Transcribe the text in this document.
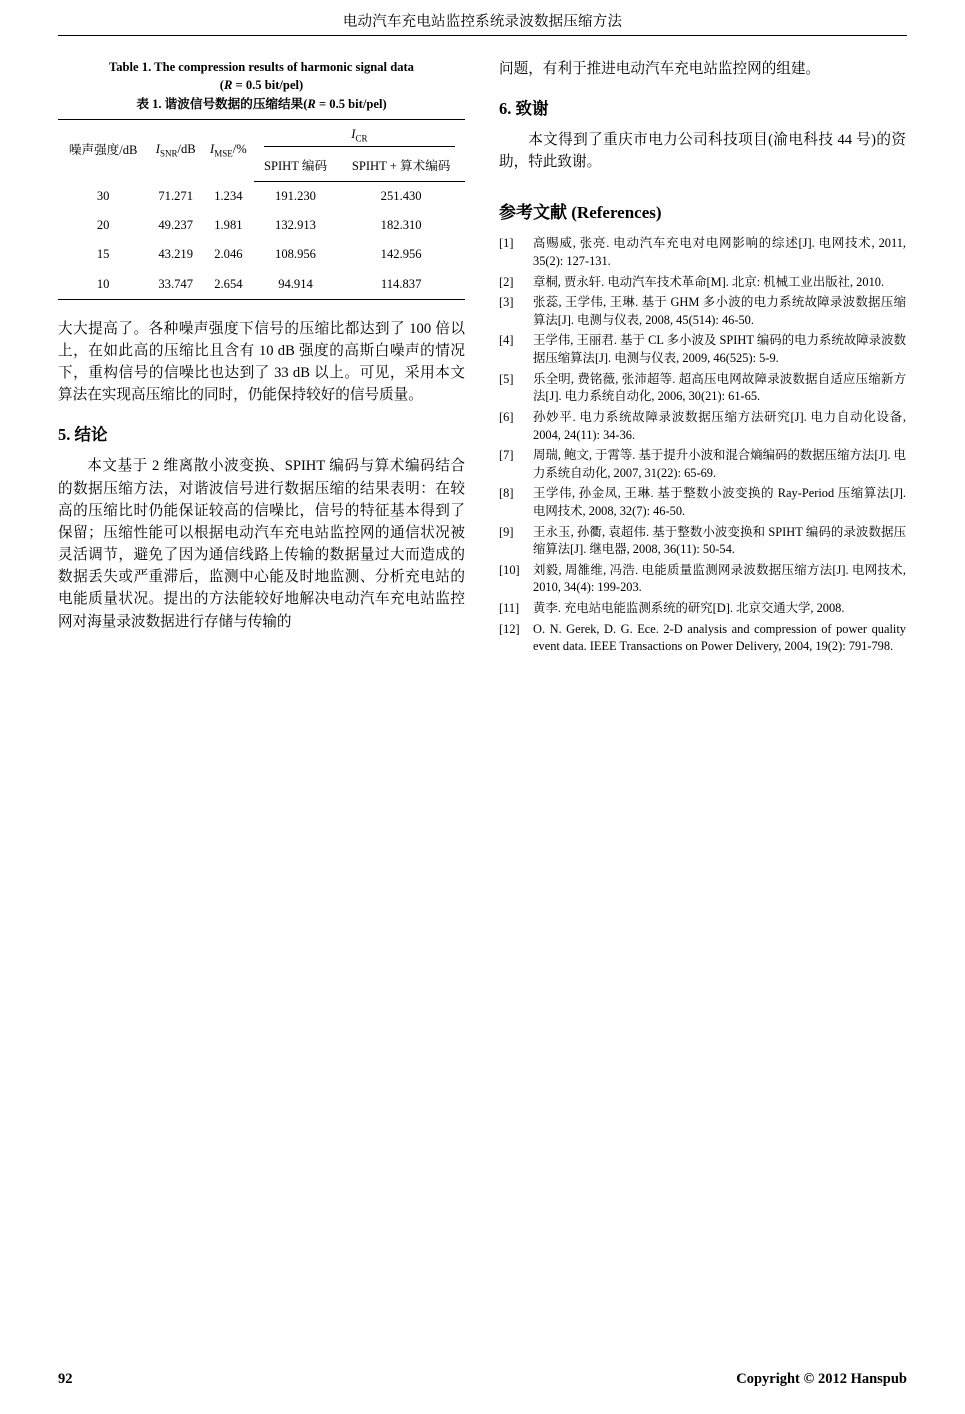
电动汽车充电站监控系统录波数据压缩方法
Table 1. The compression results of harmonic signal data
(R = 0.5 bit/pel)
表 1. 谐波信号数据的压缩结果(R = 0.5 bit/pel)
噪声强度/dB	$I_{SNR}/dB$	$I_{MSE}/\%$	$I_{CR}$
			SPIHT 编码	SPIHT + 算术编码
30	71.271	1.234	191.230	251.430
20	49.237	1.981	132.913	182.310
15	43.219	2.046	108.956	142.956
10	33.747	2.654	94.914	114.837

大大提高了。各种噪声强度下信号的压缩比都达到了 100 倍以上，在如此高的压缩比且含有 10 dB 强度的高斯白噪声的情况下，重构信号的信噪比也达到了 33 dB 以上。可见，采用本文算法在实现高压缩比的同时，仍能保持较好的信号质量。

5. 结论

本文基于 2 维离散小波变换、SPIHT 编码与算术编码结合的数据压缩方法，对谐波信号进行数据压缩的结果表明：在较高的压缩比时仍能保证较高的信噪比，信号的特征基本得到了保留；压缩性能可以根据电动汽车充电站监控网的通信状况被灵活调节，避免了因为通信线路上传输的数据量过大而造成的数据丢失或严重滞后，监测中心能及时地监测、分析充电站的电能质量状况。提出的方法能较好地解决电动汽车充电站监控网对海量录波数据进行存储与传输的

问题，有利于推进电动汽车充电站监控网的组建。

6. 致谢

本文得到了重庆市电力公司科技项目(渝电科技 44 号)的资助，特此致谢。

参考文献 (References)
[1]	高赐威, 张亮. 电动汽车充电对电网影响的综述[J]. 电网技术, 2011, 35(2): 127-131.
[2]	章桐, 贾永轩. 电动汽车技术革命[M]. 北京: 机械工业出版社, 2010.
[3]	张蕊, 王学伟, 王琳. 基于 GHM 多小波的电力系统故障录波数据压缩算法[J]. 电测与仪表, 2008, 45(514): 46-50.
[4]	王学伟, 王丽君. 基于 CL 多小波及 SPIHT 编码的电力系统故障录波数据压缩算法[J]. 电测与仪表, 2009, 46(525): 5-9.
[5]	乐全明, 费铭薇, 张沛超等. 超高压电网故障录波数据自适应压缩新方法[J]. 电力系统自动化, 2006, 30(21): 61-65.
[6]	孙妙平. 电力系统故障录波数据压缩方法研究[J]. 电力自动化设备, 2004, 24(11): 34-36.
[7]	周瑞, 鲍文, 于霄等. 基于提升小波和混合熵编码的数据压缩方法[J]. 电力系统自动化, 2007, 31(22): 65-69.
[8]	王学伟, 孙金凤, 王琳. 基于整数小波变换的 Ray-Period 压缩算法[J]. 电网技术, 2008, 32(7): 46-50.
[9]	王永玉, 孙衢, 袁超伟. 基于整数小波变换和 SPIHT 编码的录波数据压缩算法[J]. 继电器, 2008, 36(11): 50-54.
[10]	刘毅, 周雒维, 冯浩. 电能质量监测网录波数据压缩方法[J]. 电网技术, 2010, 34(4): 199-203.
[11]	黄李. 充电站电能监测系统的研究[D]. 北京交通大学, 2008.
[12]	O. N. Gerek, D. G. Ece. 2-D analysis and compression of power quality event data. IEEE Transactions on Power Delivery, 2004, 19(2): 791-798.
92	Copyright © 2012 Hanspub
